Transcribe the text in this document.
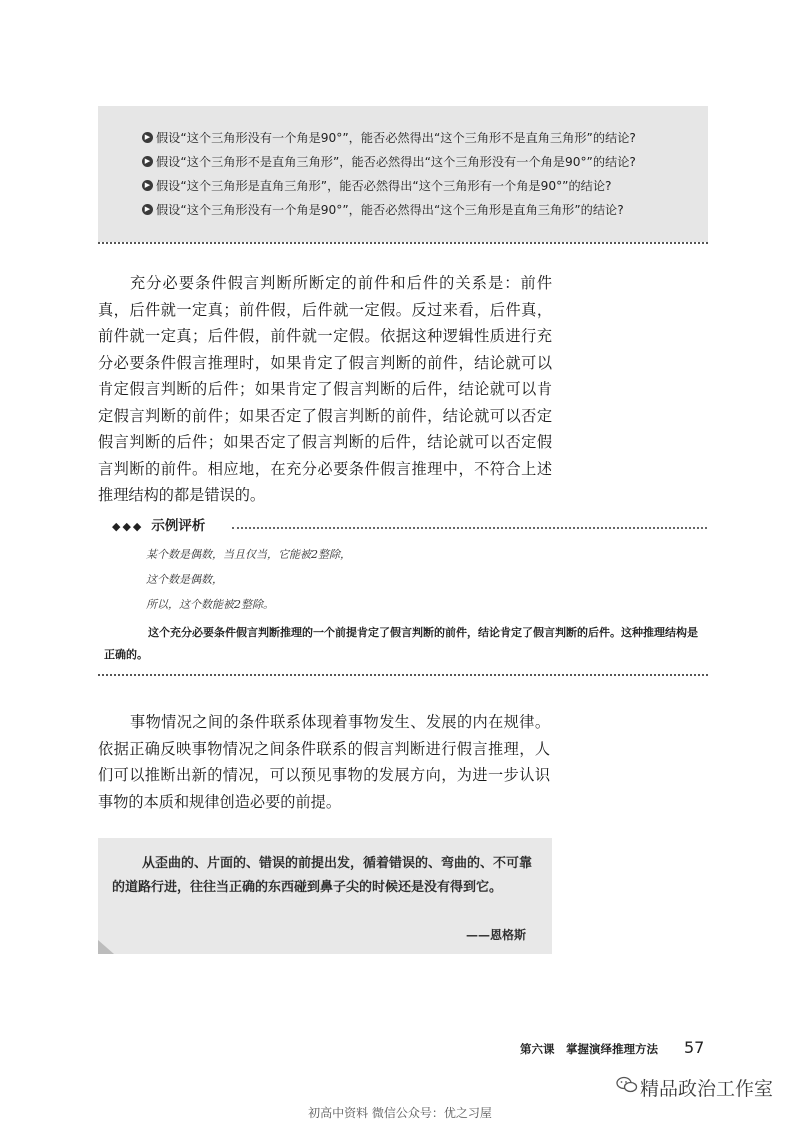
▶ 假设“这个三角形没有一个角是90°”，能否必然得出“这个三角形不是直角三角形”的结论?
▶ 假设“这个三角形不是直角三角形”，能否必然得出“这个三角形没有一个角是90°”的结论?
▶ 假设“这个三角形是直角三角形”，能否必然得出“这个三角形有一个角是90°”的结论?
▶ 假设“这个三角形没有一个角是90°”，能否必然得出“这个三角形是直角三角形”的结论?

充分必要条件假言判断所断定的前件和后件的关系是：前件真，后件就一定真；前件假，后件就一定假。反过来看，后件真，前件就一定真；后件假，前件就一定假。依据这种逻辑性质进行充分必要条件假言推理时，如果肯定了假言判断的前件，结论就可以肯定假言判断的后件；如果肯定了假言判断的后件，结论就可以肯定假言判断的前件；如果否定了假言判断的前件，结论就可以否定假言判断的后件；如果否定了假言判断的后件，结论就可以否定假言判断的前件。相应地，在充分必要条件假言推理中，不符合上述推理结构的都是错误的。

◆◆◆ 示例评析
某个数是偶数，当且仅当，它能被2整除，
这个数是偶数，
所以，这个数能被2整除。

这个充分必要条件假言判断推理的一个前提肯定了假言判断的前件，结论肯定了假言判断的后件。这种推理结构是正确的。

事物情况之间的条件联系体现着事物发生、发展的内在规律。依据正确反映事物情况之间条件联系的假言判断进行假言推理，人们可以推断出新的情况，可以预见事物的发展方向，为进一步认识事物的本质和规律创造必要的前提。

从歪曲的、片面的、错误的前提出发，循着错误的、弯曲的、不可靠的道路行进，往往当正确的东西碰到鼻子尖的时候还是没有得到它。

——恩格斯
第六课　掌握演绎推理方法 57
精品政治工作室
初高中资料 微信公众号：优之习屋
